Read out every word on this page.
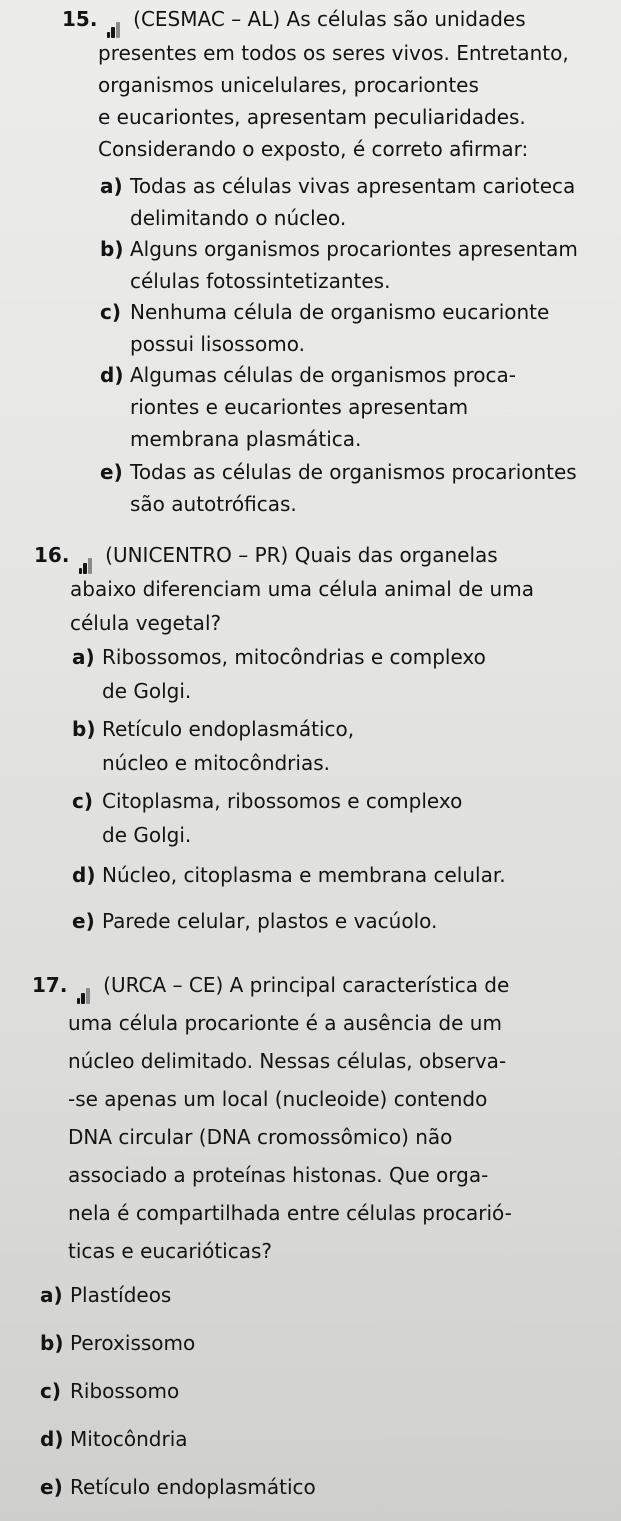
15. (CESMAC – AL) As células são unidades
presentes em todos os seres vivos. Entretanto,
organismos unicelulares, procariontes
e eucariontes, apresentam peculiaridades.
Considerando o exposto, é correto afirmar:
a) Todas as células vivas apresentam carioteca
delimitando o núcleo.
b) Alguns organismos procariontes apresentam
células fotossintetizantes.
c) Nenhuma célula de organismo eucarionte
possui lisossomo.
d) Algumas células de organismos proca-
riontes e eucariontes apresentam
membrana plasmática.
e) Todas as células de organismos procariontes
são autotróficas.
16. (UNICENTRO – PR) Quais das organelas
abaixo diferenciam uma célula animal de uma
célula vegetal?
a) Ribossomos, mitocôndrias e complexo
de Golgi.
b) Retículo endoplasmático,
núcleo e mitocôndrias.
c) Citoplasma, ribossomos e complexo
de Golgi.
d) Núcleo, citoplasma e membrana celular.
e) Parede celular, plastos e vacúolo.
17. (URCA – CE) A principal característica de
uma célula procarionte é a ausência de um
núcleo delimitado. Nessas células, observa-
-se apenas um local (nucleoide) contendo
DNA circular (DNA cromossômico) não
associado a proteínas histonas. Que orga-
nela é compartilhada entre células procarió-
ticas e eucarióticas?
a) Plastídeos
b) Peroxissomo
c) Ribossomo
d) Mitocôndria
e) Retículo endoplasmático
